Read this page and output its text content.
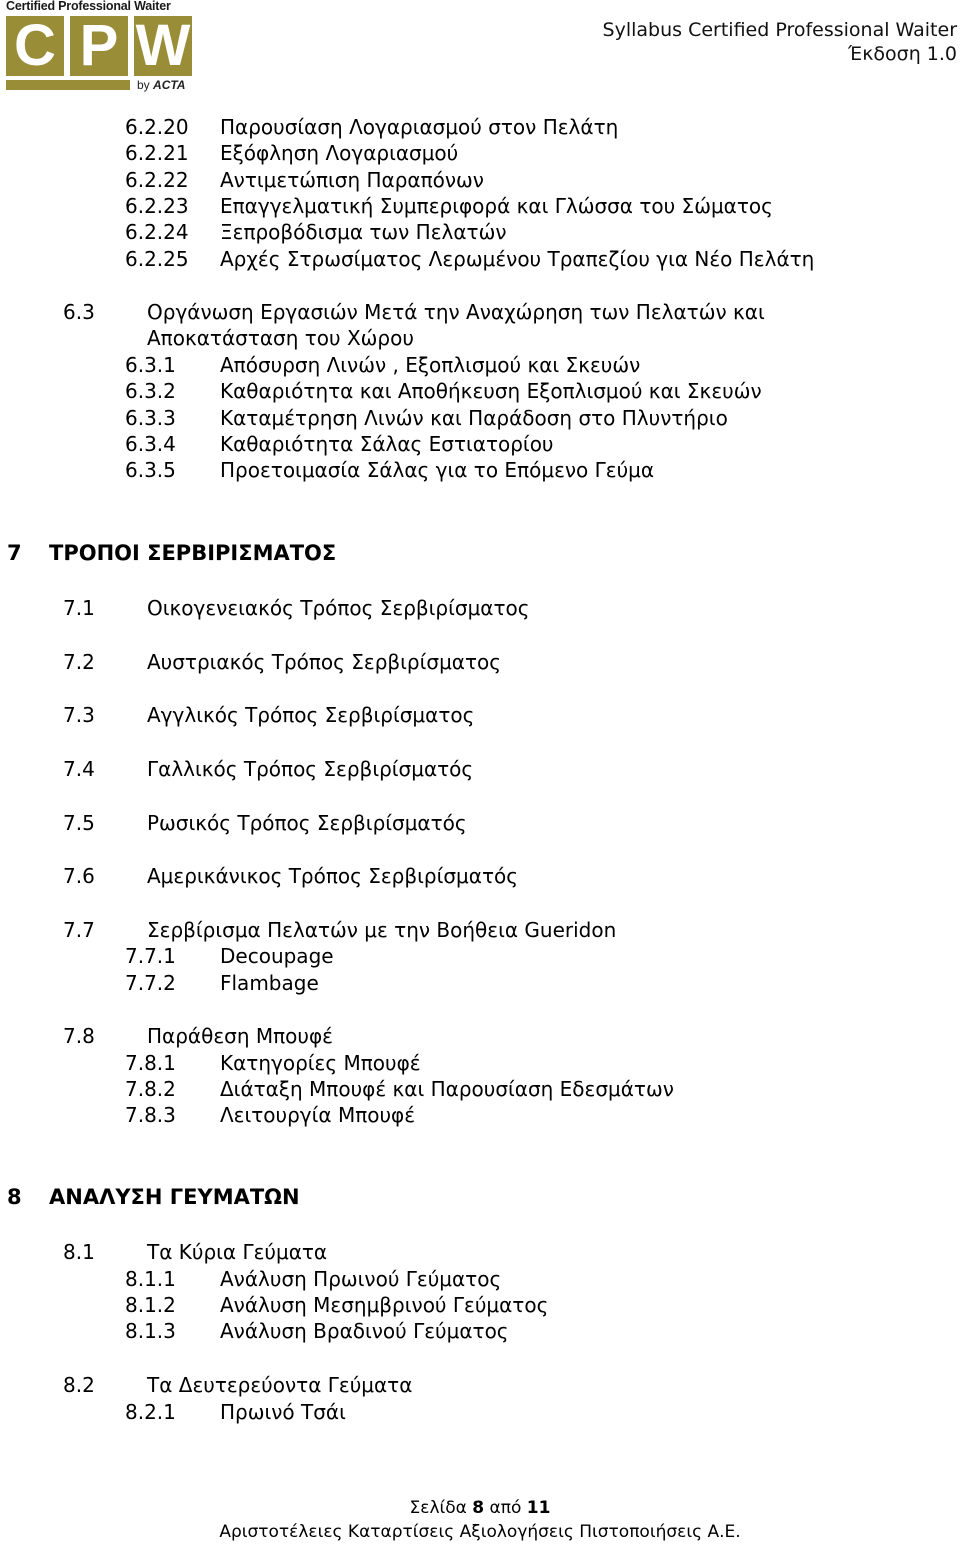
Certified Professional Waiter
C P W
by ACTA
Syllabus Certified Professional Waiter
Έκδοση 1.0
6.2.20 Παρουσίαση Λογαριασμού στον Πελάτη
6.2.21 Εξόφληση Λογαριασμού
6.2.22 Αντιμετώπιση Παραπόνων
6.2.23 Επαγγελματική Συμπεριφορά και Γλώσσα του Σώματος
6.2.24 Ξεπροβόδισμα των Πελατών
6.2.25 Αρχές Στρωσίματος Λερωμένου Τραπεζίου για Νέο Πελάτη
6.3	Οργάνωση Εργασιών Μετά την Αναχώρηση των Πελατών και Αποκατάσταση του Χώρου
6.3.1 Απόσυρση Λινών , Εξοπλισμού και Σκευών
6.3.2 Καθαριότητα και Αποθήκευση Εξοπλισμού και Σκευών
6.3.3 Καταμέτρηση Λινών και Παράδοση στο Πλυντήριο
6.3.4 Καθαριότητα Σάλας Εστιατορίου
6.3.5 Προετοιμασία Σάλας για το Επόμενο Γεύμα
7 ΤΡΟΠΟΙ ΣΕΡΒΙΡΙΣΜΑΤΟΣ
7.1	Οικογενειακός Τρόπος Σερβιρίσματος
7.2	Αυστριακός Τρόπος Σερβιρίσματος
7.3	Αγγλικός Τρόπος Σερβιρίσματος
7.4	Γαλλικός Τρόπος Σερβιρίσματός
7.5	Ρωσικός Τρόπος Σερβιρίσματός
7.6	Αμερικάνικος Τρόπος Σερβιρίσματός
7.7	Σερβίρισμα Πελατών με την Βοήθεια Gueridon
7.7.1 Decoupage
7.7.2 Flambage
7.8	Παράθεση Μπουφέ
7.8.1 Κατηγορίες Μπουφέ
7.8.2 Διάταξη Μπουφέ και Παρουσίαση Εδεσμάτων
7.8.3 Λειτουργία Μπουφέ
8 ΑΝΑΛΥΣΗ ΓΕΥΜΑΤΩΝ
8.1	Τα Κύρια Γεύματα
8.1.1 Ανάλυση Πρωινού Γεύματος
8.1.2 Ανάλυση Μεσημβρινού Γεύματος
8.1.3 Ανάλυση Βραδινού Γεύματος
8.2	Τα Δευτερεύοντα Γεύματα
8.2.1 Πρωινό Τσάι
Σελίδα 8 από 11
Αριστοτέλειες Καταρτίσεις Αξιολογήσεις Πιστοποιήσεις Α.Ε.
